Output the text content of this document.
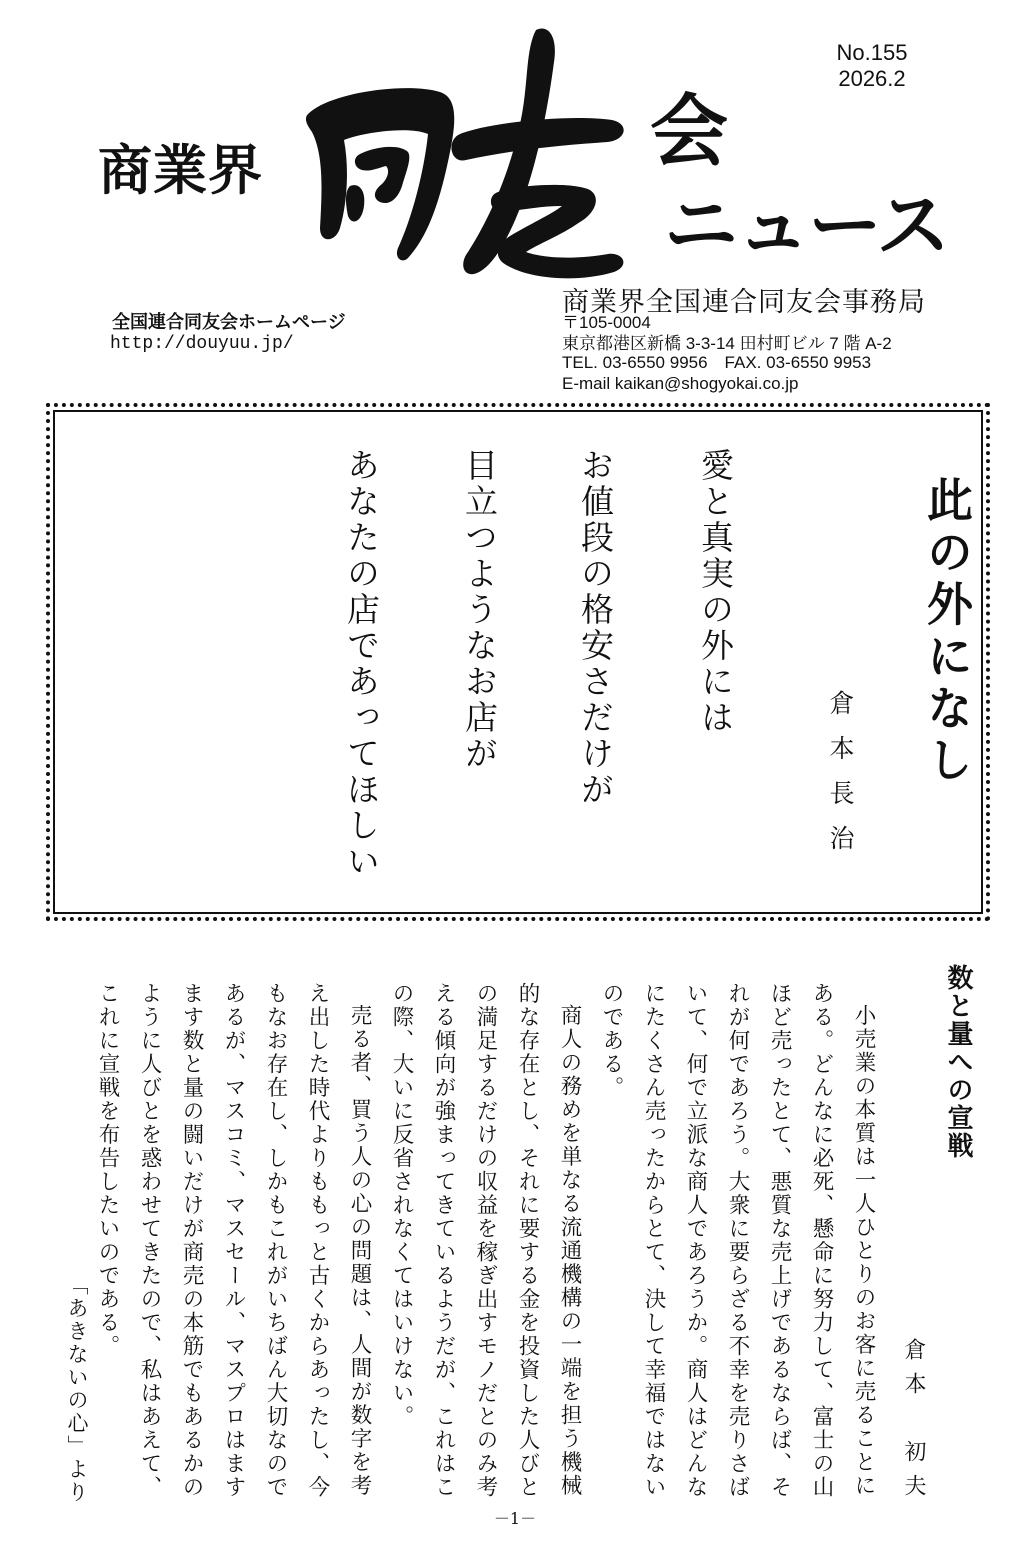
No.155
2026.2
商業界	会
ニュース
全国連合同友会ホームページ
http://douyuu.jp/
商業界全国連合同友会事務局
〒105-0004
東京都港区新橋 3-3-14 田村町ビル 7 階 A-2
TEL. 03-6550 9956　FAX. 03-6550 9953
E-mail kaikan@shogyokai.co.jp
此の外になし
倉本長治
愛と真実の外には
お値段の格安さだけが
目立つようなお店が
あなたの店であってほしい
数と量への宣戦
倉本　初夫

小売業の本質は一人ひとりのお客に売ることにある。どんなに必死、懸命に努力して、富士の山ほど売ったとて、悪質な売上げであるならば、それが何であろう。大衆に要らざる不幸を売りさばいて、何で立派な商人であろうか。商人はどんなにたくさん売ったからとて、決して幸福ではないのである。

商人の務めを単なる流通機構の一端を担う機械的な存在とし、それに要する金を投資した人びとの満足するだけの収益を稼ぎ出すモノだとのみ考える傾向が強まってきているようだが、これはこの際、大いに反省されなくてはいけない。

売る者、買う人の心の問題は、人間が数字を考え出した時代よりももっと古くからあったし、今もなお存在し、しかもこれがいちばん大切なのであるが、マスコミ、マスセール、マスプロはますます数と量の闘いだけが商売の本筋でもあるかのように人びとを惑わせてきたので、私はあえて、これに宣戦を布告したいのである。

「あきないの心」より
－1－
